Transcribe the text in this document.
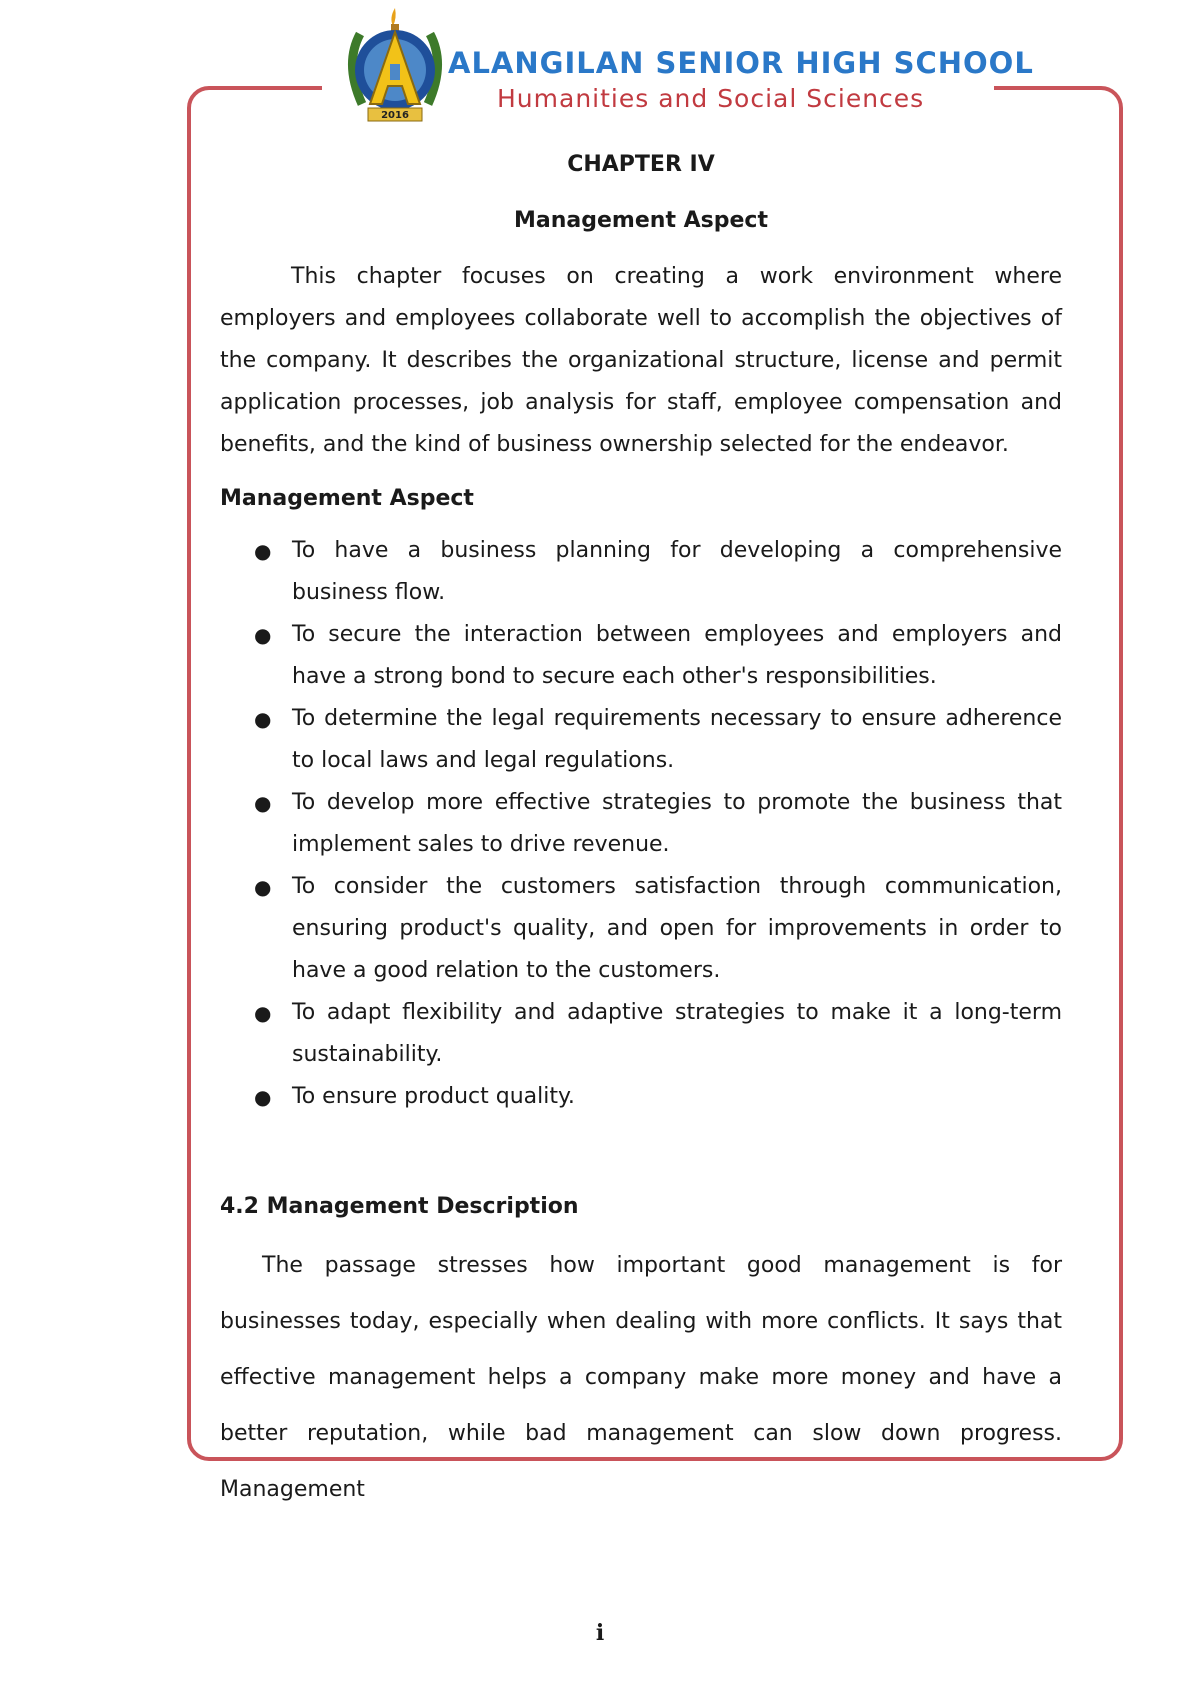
2016
ALANGILAN SENIOR HIGH SCHOOL
Humanities and Social Sciences
CHAPTER IV
Management Aspect

This chapter focuses on creating a work environment where employers and employees collaborate well to accomplish the objectives of the company. It describes the organizational structure, license and permit application processes, job analysis for staff, employee compensation and benefits, and the kind of business ownership selected for the endeavor.

Management Aspect
● To have a business planning for developing a comprehensive business flow.
● To secure the interaction between employees and employers and have a strong bond to secure each other's responsibilities.
● To determine the legal requirements necessary to ensure adherence to local laws and legal regulations.
● To develop more effective strategies to promote the business that implement sales to drive revenue.
● To consider the customers satisfaction through communication, ensuring product's quality, and open for improvements in order to have a good relation to the customers.
● To adapt flexibility and adaptive strategies to make it a long-term sustainability.
● To ensure product quality.
4.2 Management Description

The passage stresses how important good management is for businesses today, especially when dealing with more conflicts. It says that effective management helps a company make more money and have a better reputation, while bad management can slow down progress. Management

i
